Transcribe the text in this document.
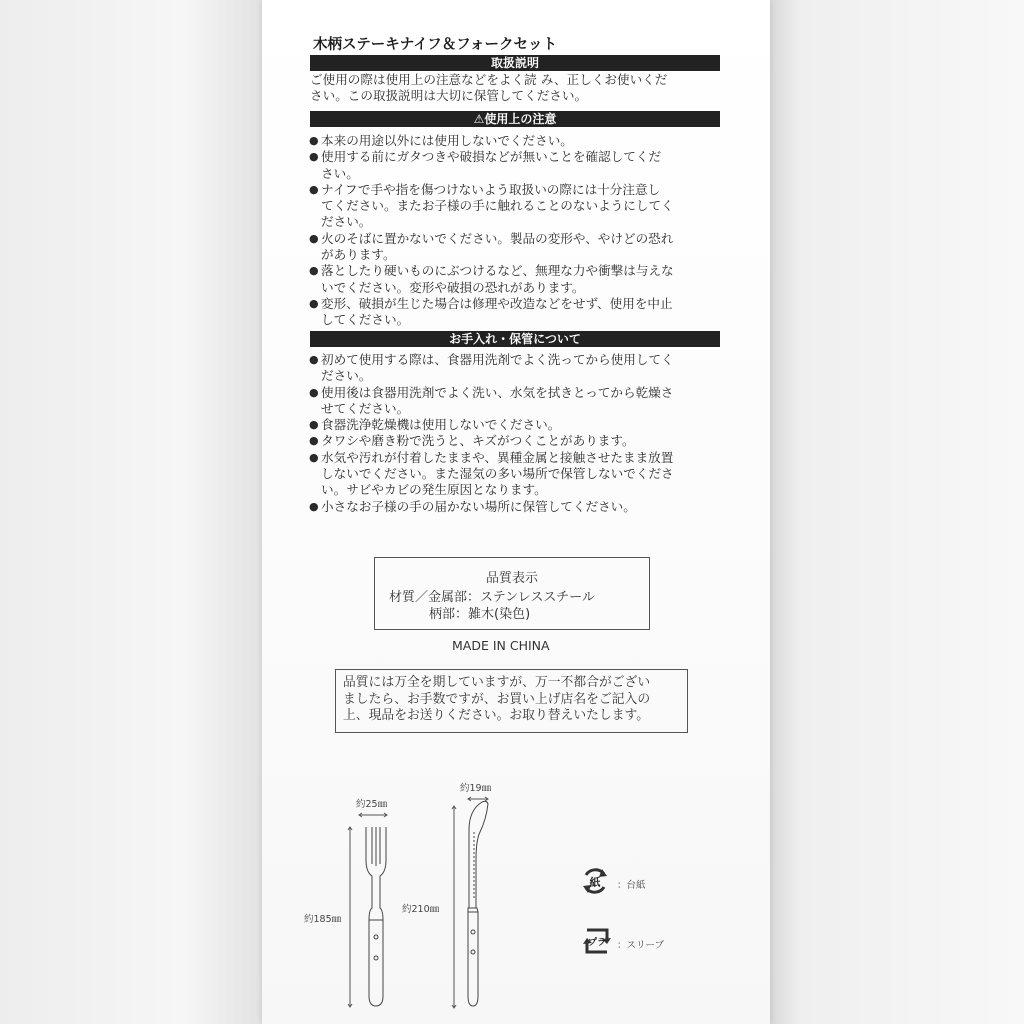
木柄ステーキナイフ＆フォークセット
取扱説明
ご使用の際は使用上の注意などをよく読 み、正しくお使いくだ
さい。この取扱説明は大切に保管してください。
⚠使用上の注意
● 本来の用途以外には使用しないでください。
● 使用する前にガタつきや破損などが無いことを確認してくだ
さい。
● ナイフで手や指を傷つけないよう取扱いの際には十分注意し
てください。またお子様の手に触れることのないようにしてく
ださい。
● 火のそばに置かないでください。製品の変形や、やけどの恐れ
があります。
● 落としたり硬いものにぶつけるなど、無理な力や衝撃は与えな
いでください。変形や破損の恐れがあります。
● 変形、破損が生じた場合は修理や改造などをせず、使用を中止
してください。
お手入れ・保管について
● 初めて使用する際は、食器用洗剤でよく洗ってから使用してく
ださい。
● 使用後は食器用洗剤でよく洗い、水気を拭きとってから乾燥さ
せてください。
● 食器洗浄乾燥機は使用しないでください。
● タワシや磨き粉で洗うと、キズがつくことがあります。
● 水気や汚れが付着したままや、異種金属と接触させたまま放置
しないでください。また湿気の多い場所で保管しないでくださ
い。サビやカビの発生原因となります。
● 小さなお子様の手の届かない場所に保管してください。
品質表示
材質／金属部：ステンレススチール
柄部：雑木(染色)
MADE IN CHINA
品質には万全を期していますが、万一不都合がござい
ましたら、お手数ですが、お買い上げ店名をご記入の
上、現品をお送りください。お取り替えいたします。
約25㎜
約185㎜
約19㎜
約210㎜
紙 ：台紙
プラ ：スリーブ
